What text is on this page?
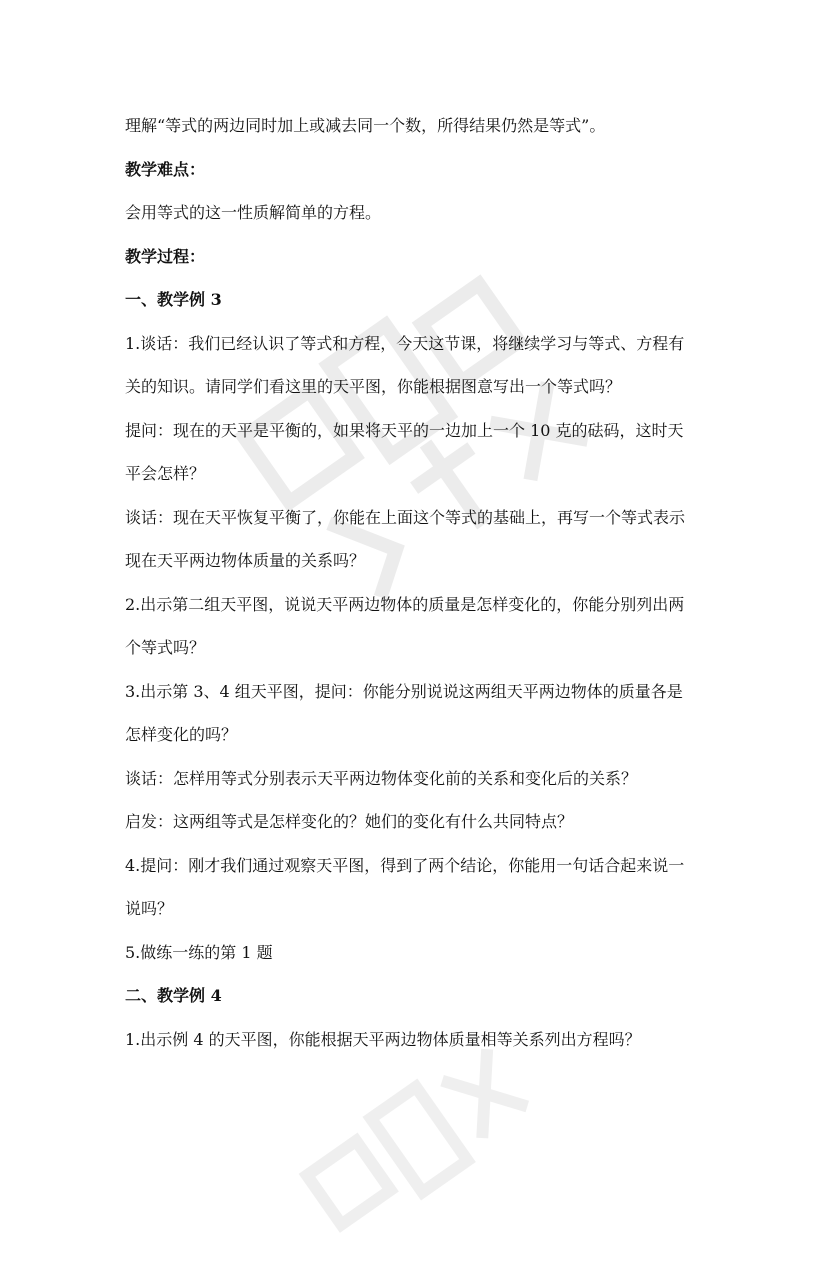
理解“等式的两边同时加上或减去同一个数，所得结果仍然是等式”。
教学难点：
会用等式的这一性质解简单的方程。
教学过程：
一、教学例 3
1.谈话：我们已经认识了等式和方程，今天这节课，将继续学习与等式、方程有
关的知识。请同学们看这里的天平图，你能根据图意写出一个等式吗？
提问：现在的天平是平衡的，如果将天平的一边加上一个 10 克的砝码，这时天
平会怎样？
谈话：现在天平恢复平衡了，你能在上面这个等式的基础上，再写一个等式表示
现在天平两边物体质量的关系吗？
2.出示第二组天平图，说说天平两边物体的质量是怎样变化的，你能分别列出两
个等式吗？
3.出示第 3、4 组天平图，提问：你能分别说说这两组天平两边物体的质量各是
怎样变化的吗？
谈话：怎样用等式分别表示天平两边物体变化前的关系和变化后的关系？
启发：这两组等式是怎样变化的？她们的变化有什么共同特点？
4.提问：刚才我们通过观察天平图，得到了两个结论，你能用一句话合起来说一
说吗？
5.做练一练的第 1 题
二、教学例 4
1.出示例 4 的天平图，你能根据天平两边物体质量相等关系列出方程吗？
